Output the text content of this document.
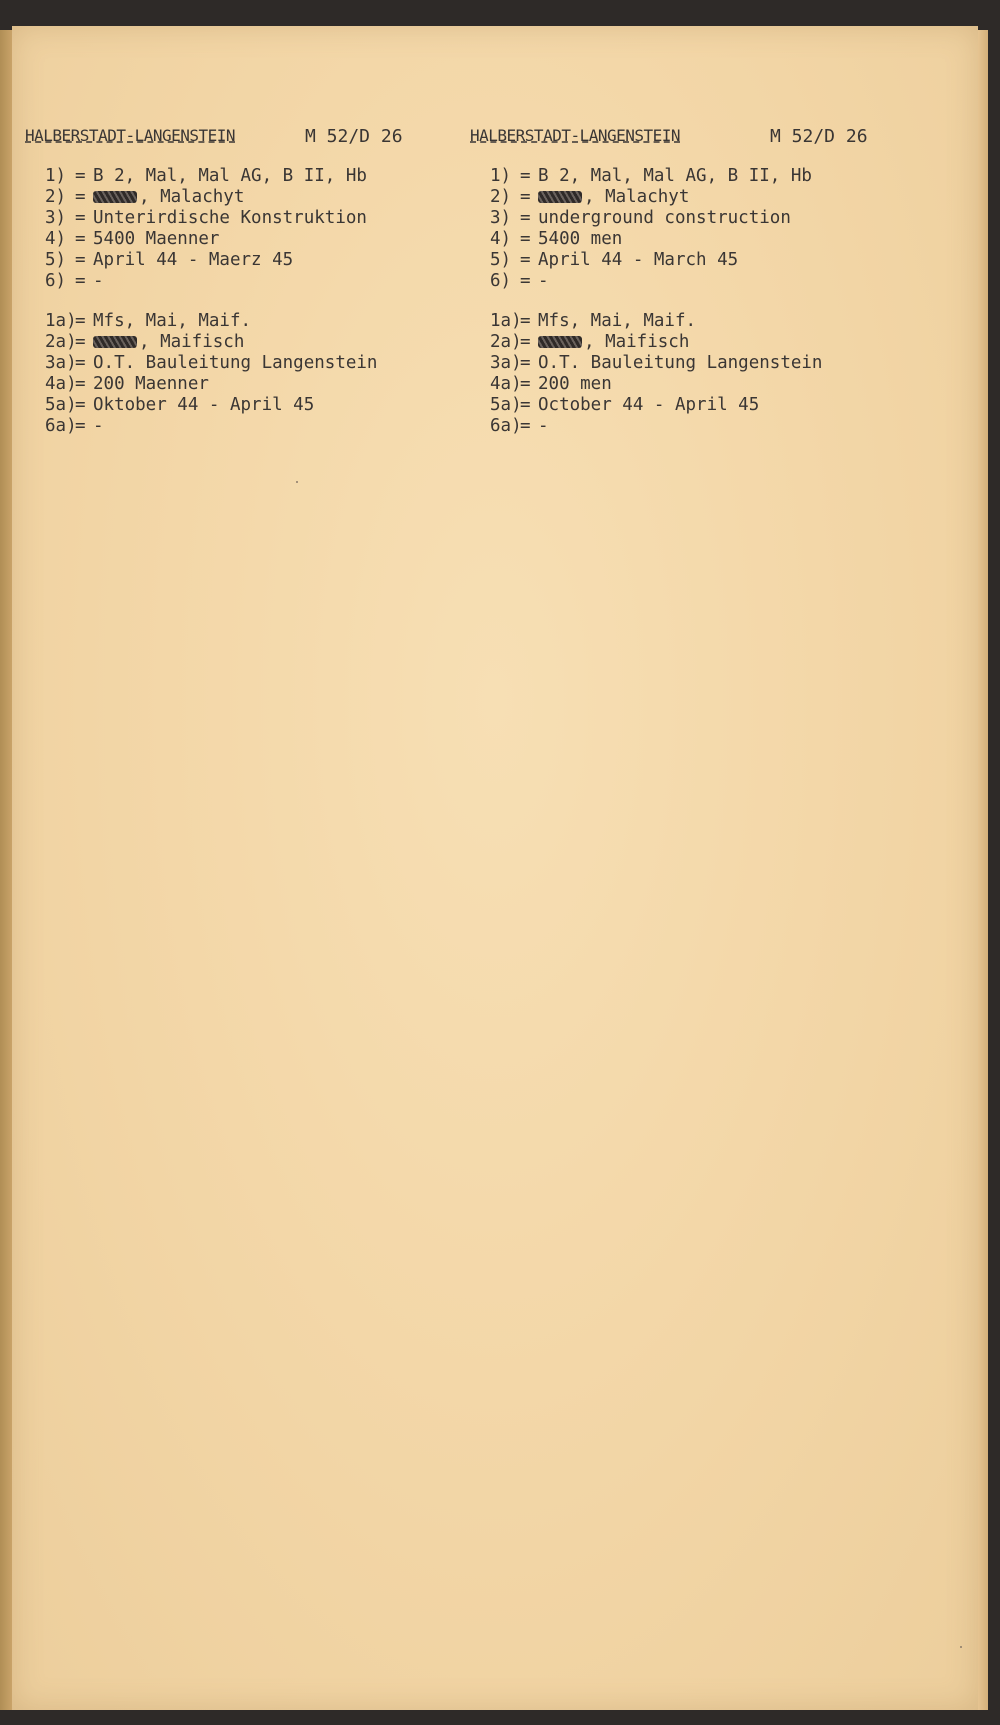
HALBERSTADT-LANGENSTEIN	M 52/D 26
1) = B 2, Mal, Mal AG, B II, Hb
2) =	, Malachyt
3) = Unterirdische Konstruktion
4) = 5400 Maenner
5) = April 44 - Maerz 45
6) = -
1a)= Mfs, Mai, Maif.
2a)=	, Maifisch
3a)= O.T. Bauleitung Langenstein
4a)= 200 Maenner
5a)= Oktober 44 - April 45
6a)= -
HALBERSTADT-LANGENSTEIN	M 52/D 26
1) = B 2, Mal, Mal AG, B II, Hb
2) =	, Malachyt
3) = underground construction
4) = 5400 men
5) = April 44 - March 45
6) = -
1a)= Mfs, Mai, Maif.
2a)=	, Maifisch
3a)= O.T. Bauleitung Langenstein
4a)= 200 men
5a)= October 44 - April 45
6a)= -
